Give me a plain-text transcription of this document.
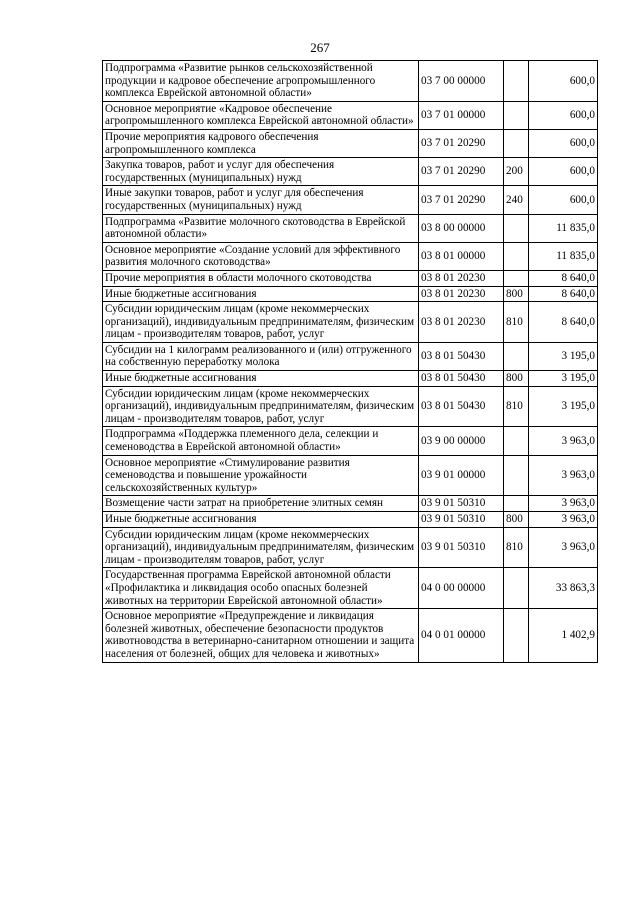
267
Подпрограмма «Развитие рынков сельскохозяйственной продукции и кадровое обеспечение агропромышленного комплекса Еврейской автономной области»	03 7 00 00000		600,0
Основное мероприятие «Кадровое обеспечение агропромышленного комплекса Еврейской автономной области»	03 7 01 00000		600,0
Прочие мероприятия кадрового обеспечения агропромышленного комплекса	03 7 01 20290		600,0
Закупка товаров, работ и услуг для обеспечения государственных (муниципальных) нужд	03 7 01 20290	200	600,0
Иные закупки товаров, работ и услуг для обеспечения государственных (муниципальных) нужд	03 7 01 20290	240	600,0
Подпрограмма «Развитие молочного скотоводства в Еврейской автономной области»	03 8 00 00000		11 835,0
Основное мероприятие «Создание условий для эффективного развития молочного скотоводства»	03 8 01 00000		11 835,0
Прочие мероприятия в области молочного скотоводства	03 8 01 20230		8 640,0
Иные бюджетные ассигнования	03 8 01 20230	800	8 640,0
Субсидии юридическим лицам (кроме некоммерческих организаций), индивидуальным предпринимателям, физическим лицам - производителям товаров, работ, услуг	03 8 01 20230	810	8 640,0
Субсидии на 1 килограмм реализованного и (или) отгруженного на собственную переработку молока	03 8 01 50430		3 195,0
Иные бюджетные ассигнования	03 8 01 50430	800	3 195,0
Субсидии юридическим лицам (кроме некоммерческих организаций), индивидуальным предпринимателям, физическим лицам - производителям товаров, работ, услуг	03 8 01 50430	810	3 195,0
Подпрограмма «Поддержка племенного дела, селекции и семеноводства в Еврейской автономной области»	03 9 00 00000		3 963,0
Основное мероприятие «Стимулирование развития семеноводства и повышение урожайности сельскохозяйственных культур»	03 9 01 00000		3 963,0
Возмещение части затрат на приобретение элитных семян	03 9 01 50310		3 963,0
Иные бюджетные ассигнования	03 9 01 50310	800	3 963,0
Субсидии юридическим лицам (кроме некоммерческих организаций), индивидуальным предпринимателям, физическим лицам - производителям товаров, работ, услуг	03 9 01 50310	810	3 963,0
Государственная программа Еврейской автономной области «Профилактика и ликвидация особо опасных болезней животных на территории Еврейской автономной области»	04 0 00 00000		33 863,3
Основное мероприятие «Предупреждение и ликвидация болезней животных, обеспечение безопасности продуктов животноводства в ветеринарно-санитарном отношении и защита населения от болезней, общих для человека и животных»	04 0 01 00000		1 402,9
